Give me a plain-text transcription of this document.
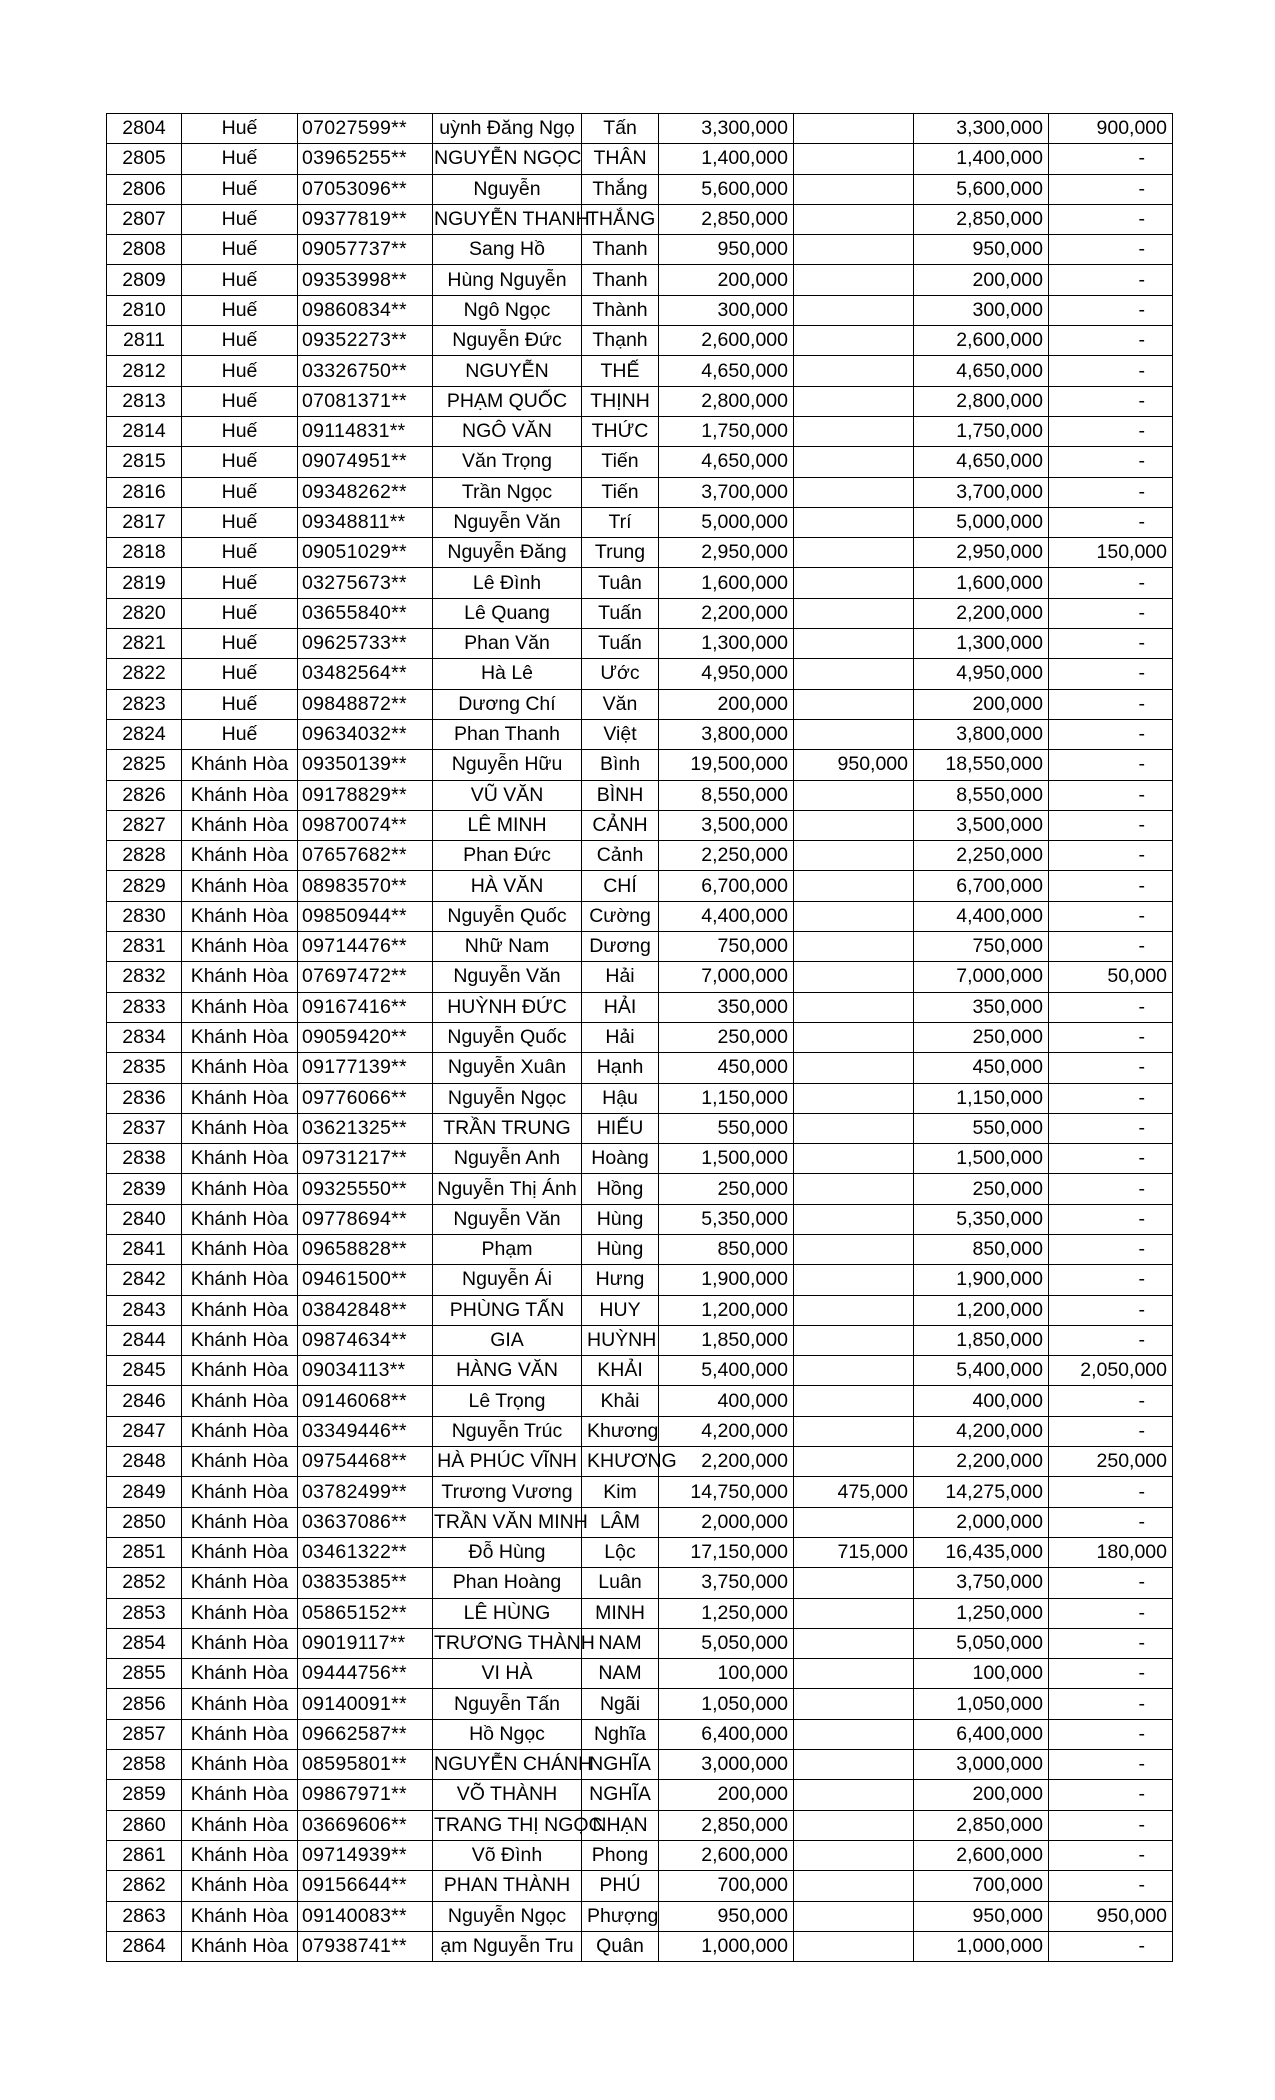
2804	Huế	07027599**	uỳnh Đăng Ngọ	Tấn	3,300,000		3,300,000	900,000
2805	Huế	03965255**	NGUYỄN NGỌC	THÂN	1,400,000		1,400,000	-
2806	Huế	07053096**	Nguyễn	Thắng	5,600,000		5,600,000	-
2807	Huế	09377819**	NGUYỄN THANH	THẮNG	2,850,000		2,850,000	-
2808	Huế	09057737**	Sang Hồ	Thanh	950,000		950,000	-
2809	Huế	09353998**	Hùng Nguyễn	Thanh	200,000		200,000	-
2810	Huế	09860834**	Ngô Ngọc	Thành	300,000		300,000	-
2811	Huế	09352273**	Nguyễn Đức	Thạnh	2,600,000		2,600,000	-
2812	Huế	03326750**	NGUYỄN	THẾ	4,650,000		4,650,000	-
2813	Huế	07081371**	PHẠM QUỐC	THỊNH	2,800,000		2,800,000	-
2814	Huế	09114831**	NGÔ VĂN	THỨC	1,750,000		1,750,000	-
2815	Huế	09074951**	Văn Trọng	Tiến	4,650,000		4,650,000	-
2816	Huế	09348262**	Trần Ngọc	Tiến	3,700,000		3,700,000	-
2817	Huế	09348811**	Nguyễn Văn	Trí	5,000,000		5,000,000	-
2818	Huế	09051029**	Nguyễn Đăng	Trung	2,950,000		2,950,000	150,000
2819	Huế	03275673**	Lê Đình	Tuân	1,600,000		1,600,000	-
2820	Huế	03655840**	Lê Quang	Tuấn	2,200,000		2,200,000	-
2821	Huế	09625733**	Phan Văn	Tuấn	1,300,000		1,300,000	-
2822	Huế	03482564**	Hà Lê	Ước	4,950,000		4,950,000	-
2823	Huế	09848872**	Dương Chí	Văn	200,000		200,000	-
2824	Huế	09634032**	Phan Thanh	Việt	3,800,000		3,800,000	-
2825	Khánh Hòa	09350139**	Nguyễn Hữu	Bình	19,500,000	950,000	18,550,000	-
2826	Khánh Hòa	09178829**	VŨ VĂN	BÌNH	8,550,000		8,550,000	-
2827	Khánh Hòa	09870074**	LÊ MINH	CẢNH	3,500,000		3,500,000	-
2828	Khánh Hòa	07657682**	Phan Đức	Cảnh	2,250,000		2,250,000	-
2829	Khánh Hòa	08983570**	HÀ VĂN	CHÍ	6,700,000		6,700,000	-
2830	Khánh Hòa	09850944**	Nguyễn Quốc	Cường	4,400,000		4,400,000	-
2831	Khánh Hòa	09714476**	Nhữ Nam	Dương	750,000		750,000	-
2832	Khánh Hòa	07697472**	Nguyễn Văn	Hải	7,000,000		7,000,000	50,000
2833	Khánh Hòa	09167416**	HUỲNH ĐỨC	HẢI	350,000		350,000	-
2834	Khánh Hòa	09059420**	Nguyễn Quốc	Hải	250,000		250,000	-
2835	Khánh Hòa	09177139**	Nguyễn Xuân	Hạnh	450,000		450,000	-
2836	Khánh Hòa	09776066**	Nguyễn Ngọc	Hậu	1,150,000		1,150,000	-
2837	Khánh Hòa	03621325**	TRẦN TRUNG	HIẾU	550,000		550,000	-
2838	Khánh Hòa	09731217**	Nguyễn Anh	Hoàng	1,500,000		1,500,000	-
2839	Khánh Hòa	09325550**	Nguyễn Thị Ánh	Hồng	250,000		250,000	-
2840	Khánh Hòa	09778694**	Nguyễn Văn	Hùng	5,350,000		5,350,000	-
2841	Khánh Hòa	09658828**	Phạm	Hùng	850,000		850,000	-
2842	Khánh Hòa	09461500**	Nguyễn Ái	Hưng	1,900,000		1,900,000	-
2843	Khánh Hòa	03842848**	PHÙNG TẤN	HUY	1,200,000		1,200,000	-
2844	Khánh Hòa	09874634**	GIA	HUỲNH	1,850,000		1,850,000	-
2845	Khánh Hòa	09034113**	HÀNG VĂN	KHẢI	5,400,000		5,400,000	2,050,000
2846	Khánh Hòa	09146068**	Lê Trọng	Khải	400,000		400,000	-
2847	Khánh Hòa	03349446**	Nguyễn Trúc	Khương	4,200,000		4,200,000	-
2848	Khánh Hòa	09754468**	HÀ PHÚC VĨNH	KHƯƠNG	2,200,000		2,200,000	250,000
2849	Khánh Hòa	03782499**	Trương Vương	Kim	14,750,000	475,000	14,275,000	-
2850	Khánh Hòa	03637086**	TRẦN VĂN MINH	LÂM	2,000,000		2,000,000	-
2851	Khánh Hòa	03461322**	Đỗ Hùng	Lộc	17,150,000	715,000	16,435,000	180,000
2852	Khánh Hòa	03835385**	Phan Hoàng	Luân	3,750,000		3,750,000	-
2853	Khánh Hòa	05865152**	LÊ HÙNG	MINH	1,250,000		1,250,000	-
2854	Khánh Hòa	09019117**	TRƯƠNG THÀNH	NAM	5,050,000		5,050,000	-
2855	Khánh Hòa	09444756**	VI HÀ	NAM	100,000		100,000	-
2856	Khánh Hòa	09140091**	Nguyễn Tấn	Ngãi	1,050,000		1,050,000	-
2857	Khánh Hòa	09662587**	Hồ Ngọc	Nghĩa	6,400,000		6,400,000	-
2858	Khánh Hòa	08595801**	NGUYỄN CHÁNH	NGHĨA	3,000,000		3,000,000	-
2859	Khánh Hòa	09867971**	VÕ THÀNH	NGHĨA	200,000		200,000	-
2860	Khánh Hòa	03669606**	TRANG THỊ NGỌC	NHẠN	2,850,000		2,850,000	-
2861	Khánh Hòa	09714939**	Võ Đình	Phong	2,600,000		2,600,000	-
2862	Khánh Hòa	09156644**	PHAN THÀNH	PHÚ	700,000		700,000	-
2863	Khánh Hòa	09140083**	Nguyễn Ngọc	Phượng	950,000		950,000	950,000
2864	Khánh Hòa	07938741**	ạm Nguyễn Tru	Quân	1,000,000		1,000,000	-
